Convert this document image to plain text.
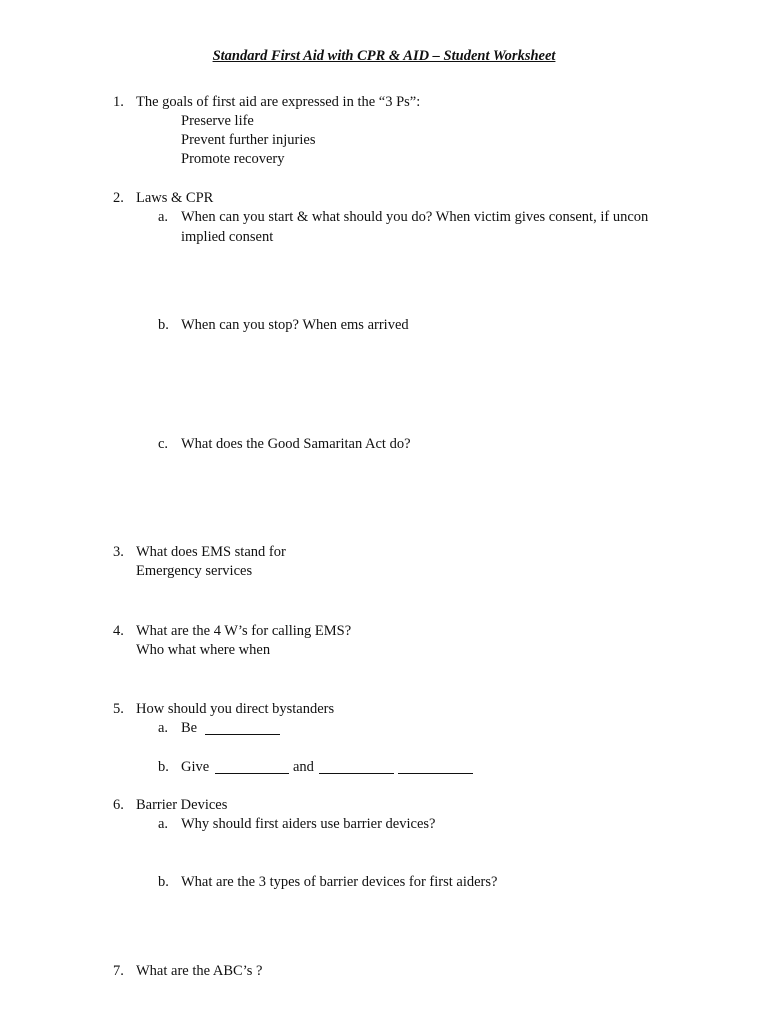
Standard First Aid with CPR & AID – Student Worksheet
1. The goals of first aid are expressed in the “3 Ps”:
Preserve life
Prevent further injuries
Promote recovery
2. Laws & CPR
a. When can you start & what should you do? When victim gives consent, if uncon
implied consent
b. When can you stop? When ems arrived
c. What does the Good Samaritan Act do?
3. What does EMS stand for
Emergency services
4. What are the 4 W’s for calling EMS?
Who what where when
5. How should you direct bystanders
a. Be
b. Give	and
6. Barrier Devices
a. Why should first aiders use barrier devices?
b. What are the 3 types of barrier devices for first aiders?
7. What are the ABC’s ?
